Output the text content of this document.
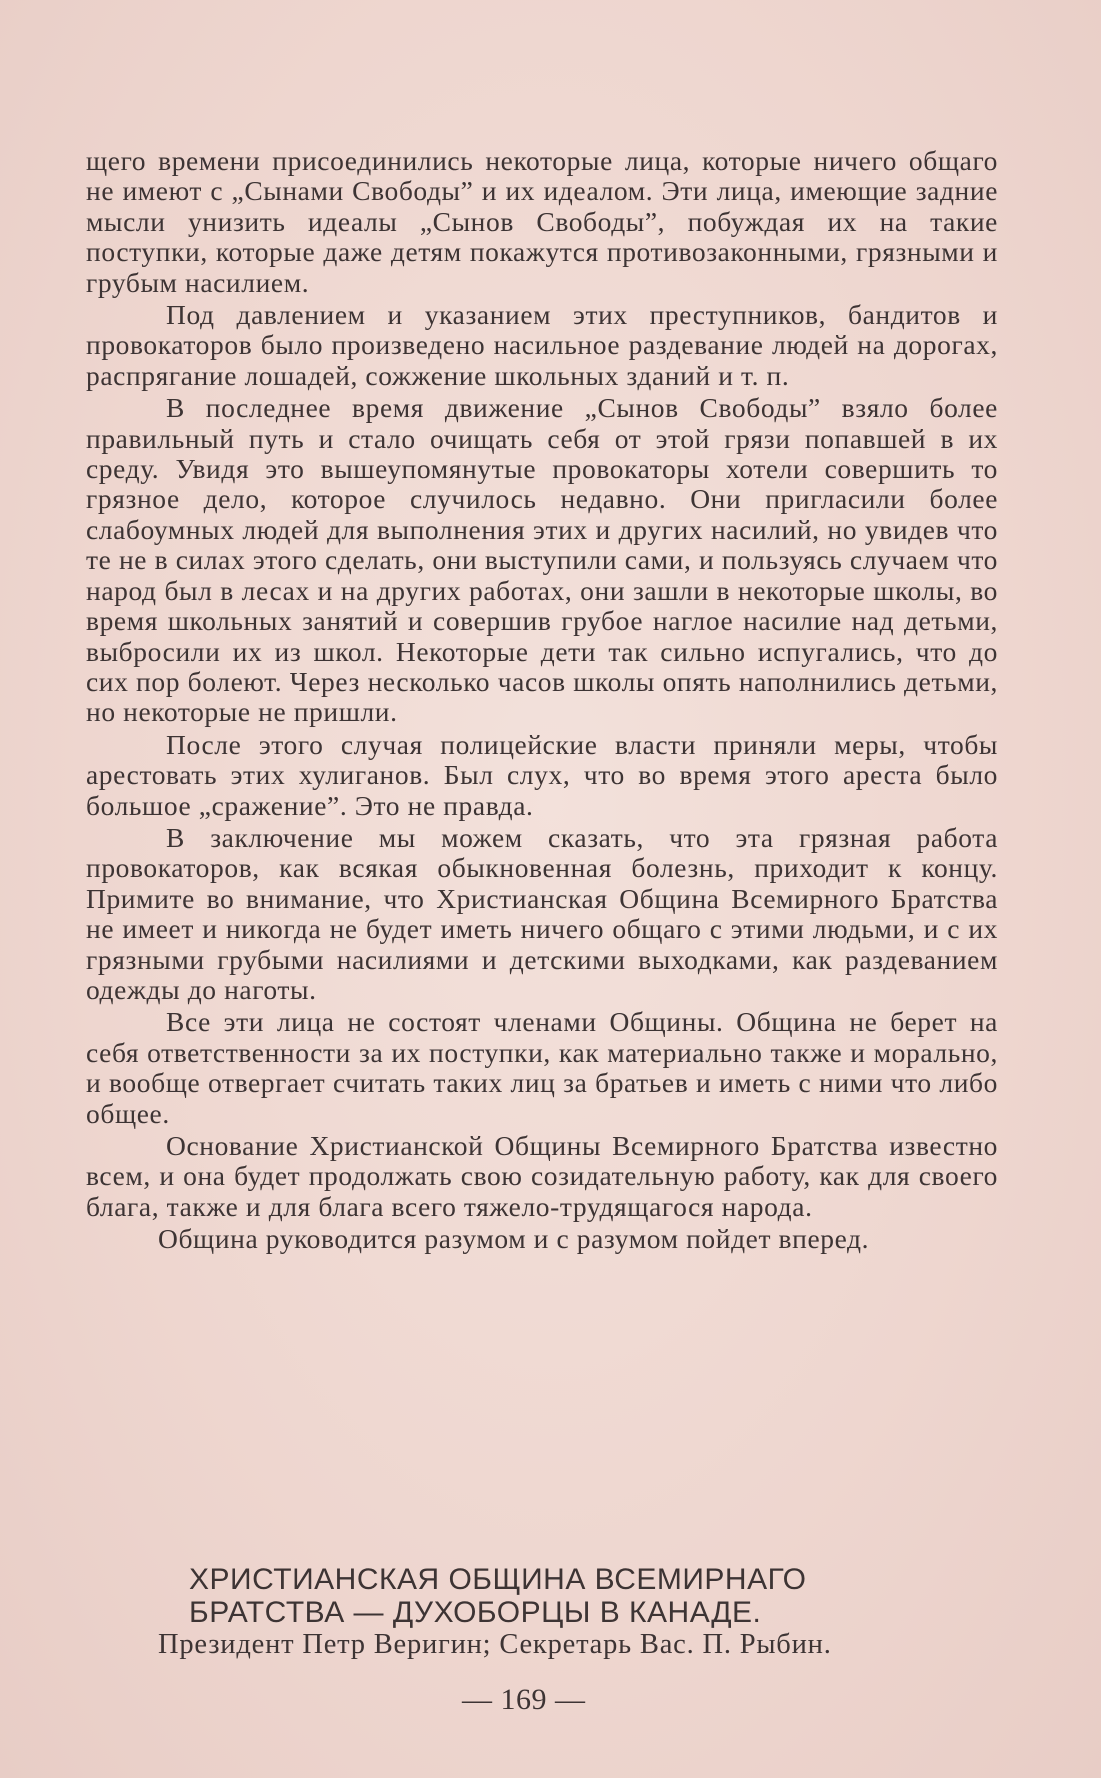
щего времени присоединились некоторые лица, которые ничего общаго не имеют с „Сынами Свободы” и их идеалом. Эти лица, имеющие задние мысли унизить идеалы „Сынов Свободы”, побуждая их на такие поступки, которые даже детям покажутся противозаконными, грязными и грубым насилием.

Под давлением и указанием этих преступников, бандитов и провокаторов было произведено насильное раздевание людей на дорогах, распрягание лошадей, сожжение школьных зданий и т. п.

В последнее время движение „Сынов Свободы” взяло более правильный путь и стало очищать себя от этой грязи попавшей в их среду. Увидя это вышеупомянутые провокаторы хотели совершить то грязное дело, которое случилось недавно. Они пригласили более слабоумных людей для выполнения этих и других насилий, но увидев что те не в силах этого сделать, они выступили сами, и пользуясь случаем что народ был в лесах и на других работах, они зашли в некоторые школы, во время школьных занятий и совершив грубое наглое насилие над детьми, выбросили их из школ. Некоторые дети так сильно испугались, что до сих пор болеют. Через несколько часов школы опять наполнились детьми, но некоторые не пришли.

После этого случая полицейские власти приняли меры, чтобы арестовать этих хулиганов. Был слух, что во время этого ареста было большое „сражение”. Это не правда.

В заключение мы можем сказать, что эта грязная работа провокаторов, как всякая обыкновенная болезнь, приходит к концу. Примите во внимание, что Христианская Община Всемирного Братства не имеет и никогда не будет иметь ничего общаго с этими людьми, и с их грязными грубыми насилиями и детскими выходками, как раздеванием одежды до наготы.

Все эти лица не состоят членами Общины. Община не берет на себя ответственности за их поступки, как материально также и морально, и вообще отвергает считать таких лиц за братьев и иметь с ними что либо общее.

Основание Христианской Общины Всемирного Братства известно всем, и она будет продолжать свою созидательную работу, как для своего блага, также и для блага всего тяжело-трудящагося народа.

Община руководится разумом и с разумом пойдет вперед.

ХРИСТИАНСКАЯ ОБЩИНА ВСЕМИРНАГО
БРАТСТВА — ДУХОБОРЦЫ В КАНАДЕ.
Президент Петр Веригин; Секретарь Вас. П. Рыбин.
— 169 —
